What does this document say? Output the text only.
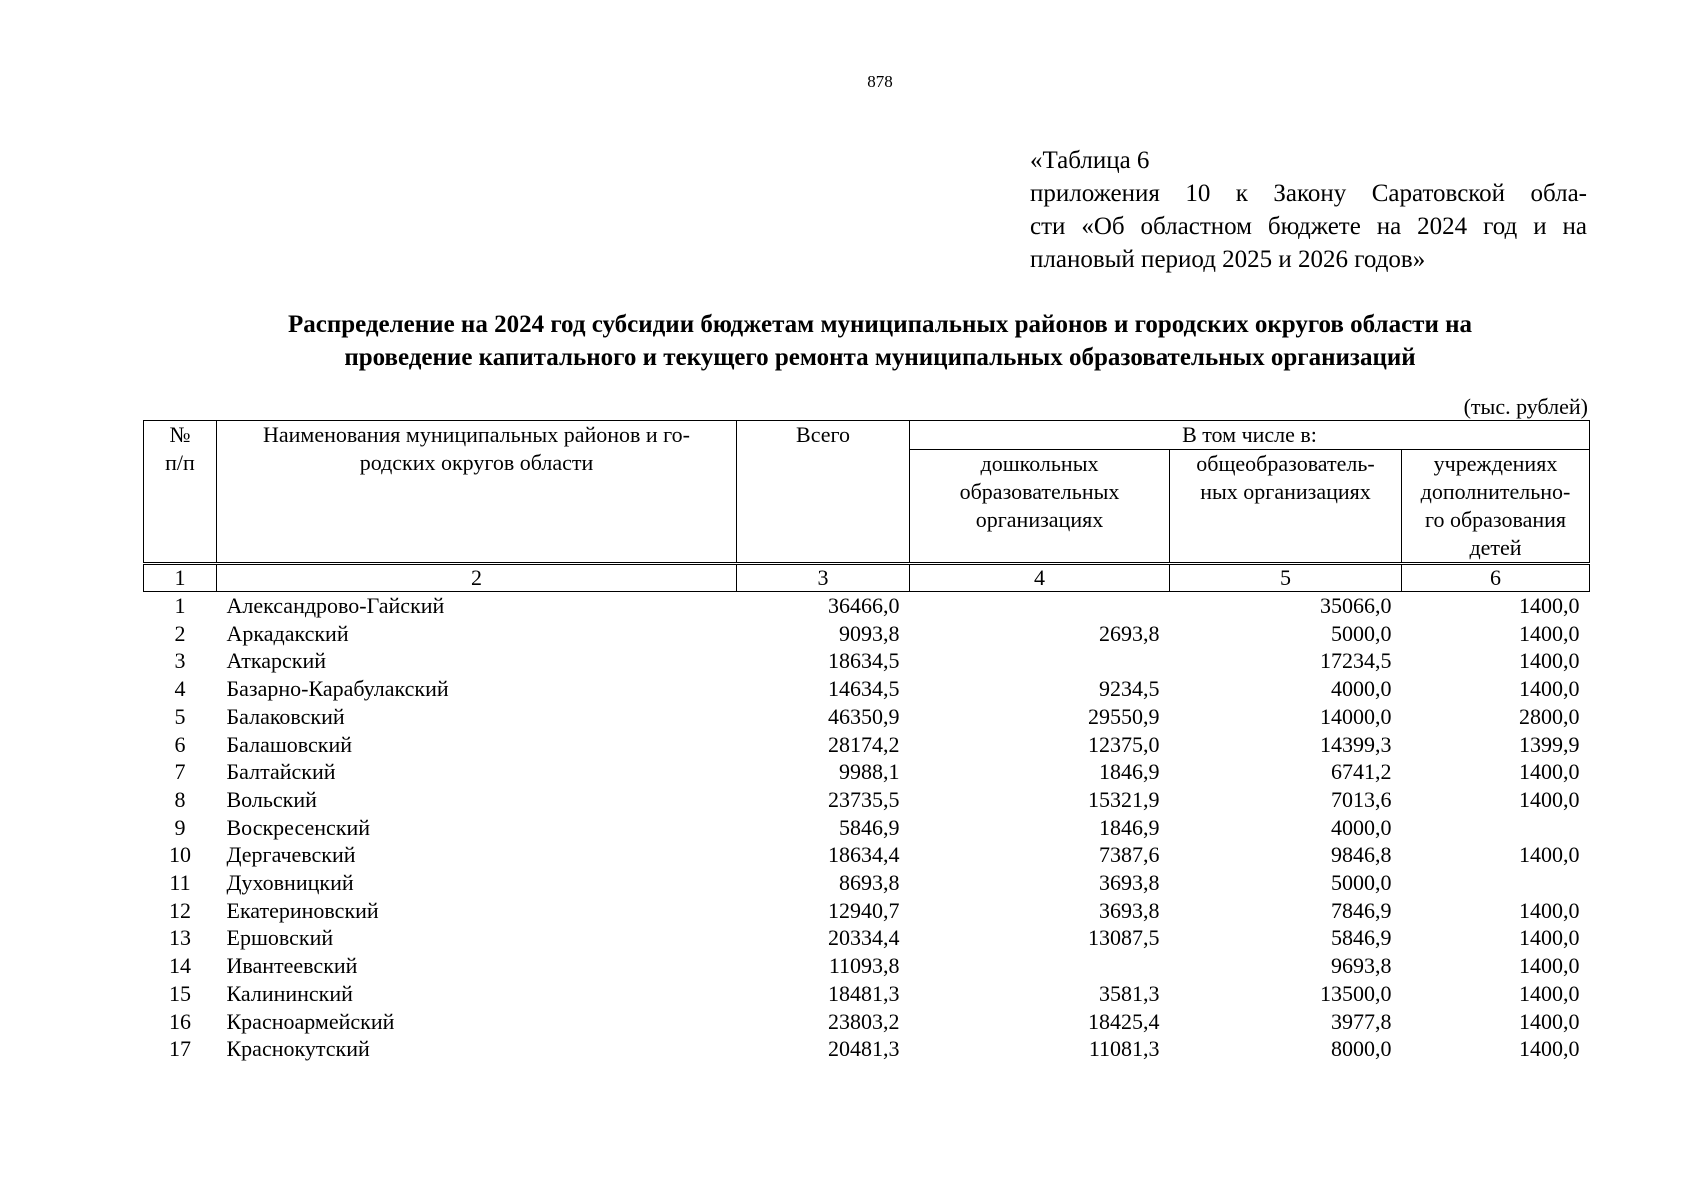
878
«Таблица 6
приложения 10 к Закону Саратовской обла-
сти «Об областном бюджете на 2024 год и на
плановый период 2025 и 2026 годов»
Распределение на 2024 год субсидии бюджетам муниципальных районов и городских округов области на
проведение капитального и текущего ремонта муниципальных образовательных организаций
(тыс. рублей)
№ п/п	Наименования муниципальных районов и го-родских округов области	Всего	В том числе в:		
			дошкольных образовательных организациях	общеобразователь-ных организациях	учреждениях дополнительно-го образования детей
1	2	3	4	5	6
1	Александрово-Гайский	36466,0		35066,0	1400,0
2	Аркадакский	9093,8	2693,8	5000,0	1400,0
3	Аткарский	18634,5		17234,5	1400,0
4	Базарно-Карабулакский	14634,5	9234,5	4000,0	1400,0
5	Балаковский	46350,9	29550,9	14000,0	2800,0
6	Балашовский	28174,2	12375,0	14399,3	1399,9
7	Балтайский	9988,1	1846,9	6741,2	1400,0
8	Вольский	23735,5	15321,9	7013,6	1400,0
9	Воскресенский	5846,9	1846,9	4000,0	
10	Дергачевский	18634,4	7387,6	9846,8	1400,0
11	Духовницкий	8693,8	3693,8	5000,0	
12	Екатериновский	12940,7	3693,8	7846,9	1400,0
13	Ершовский	20334,4	13087,5	5846,9	1400,0
14	Ивантеевский	11093,8		9693,8	1400,0
15	Калининский	18481,3	3581,3	13500,0	1400,0
16	Красноармейский	23803,2	18425,4	3977,8	1400,0
17	Краснокутский	20481,3	11081,3	8000,0	1400,0
